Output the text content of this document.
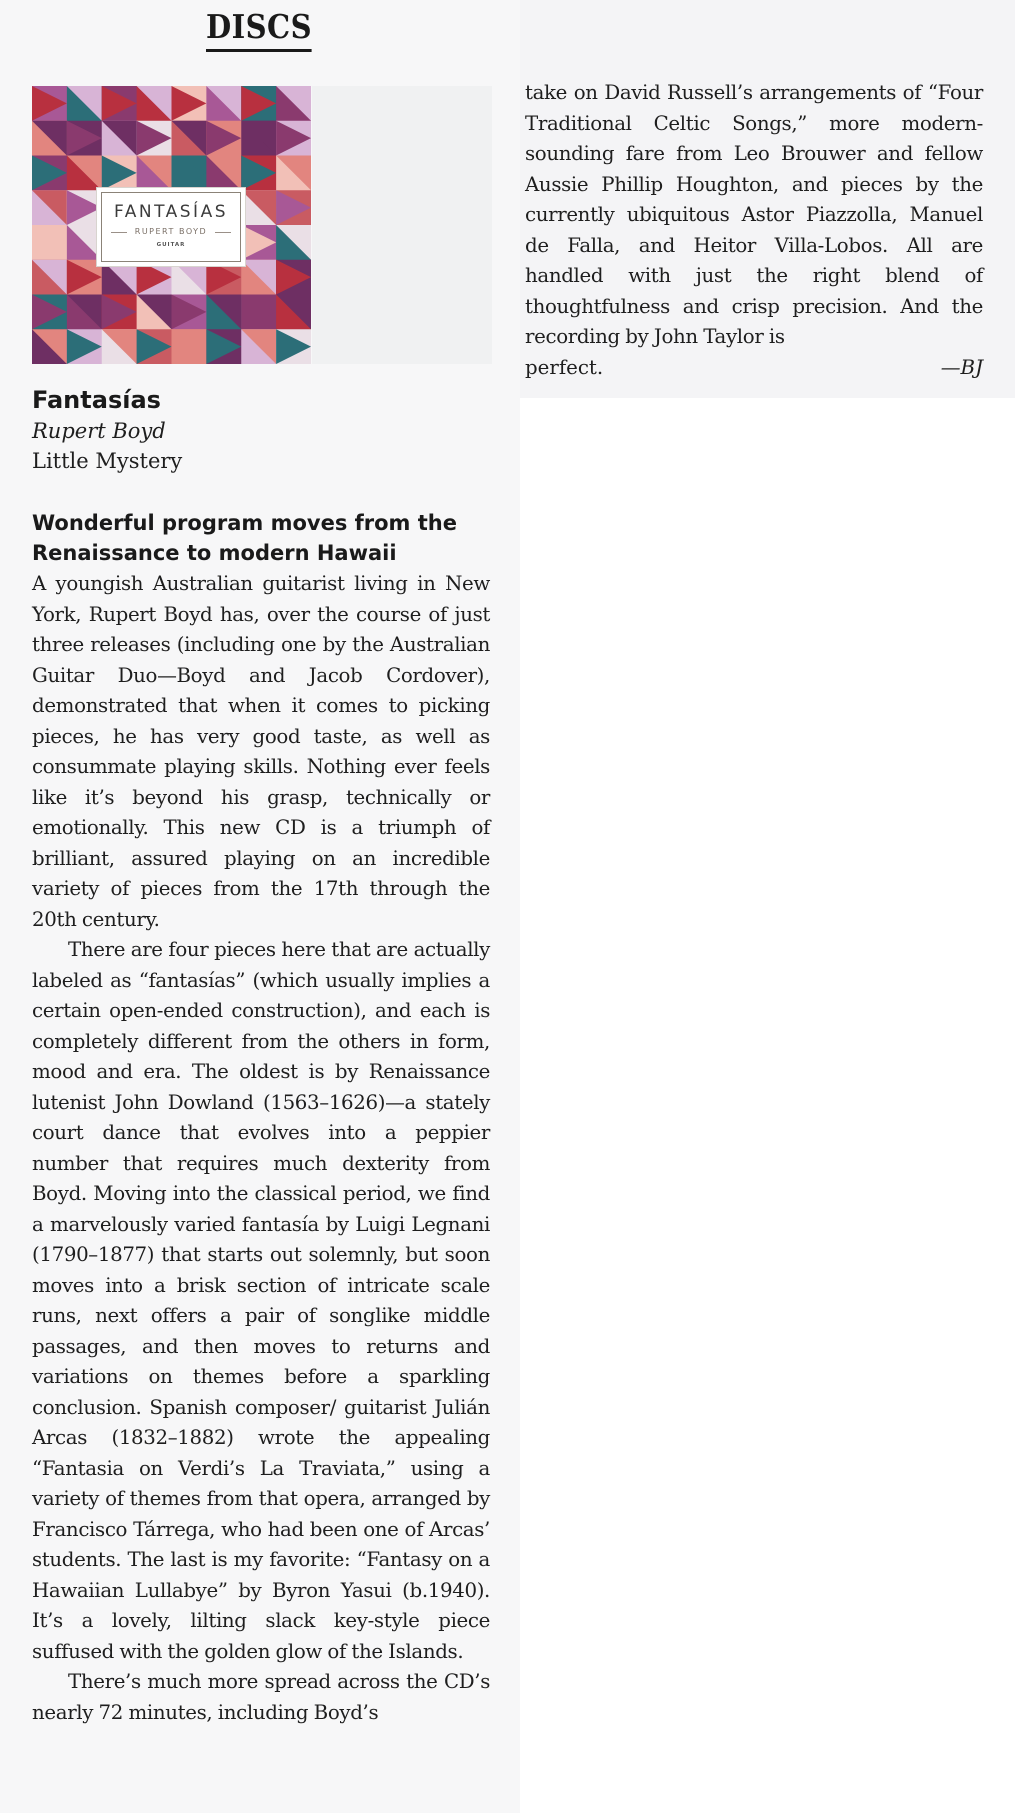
DISCS
FANTASÍAS
RUPERT BOYD
GUITAR

Fantasías

Rupert Boyd

Little Mystery

Wonderful program moves from the Renaissance to modern Hawaii

A youngish Australian guitarist living in New York, Rupert Boyd has, over the course of just three releases (including one by the Australian Guitar Duo—Boyd and Jacob Cordover), demonstrated that when it comes to picking pieces, he has very good taste, as well as consummate playing skills. Nothing ever feels like it’s beyond his grasp, technically or emotionally. This new CD is a triumph of brilliant, assured playing on an incredible variety of pieces from the 17th through the 20th century.

There are four pieces here that are actually labeled as “fantasías” (which usually implies a certain open-ended construction), and each is completely different from the others in form, mood and era. The oldest is by Renaissance lutenist John Dowland (1563–1626)—a stately court dance that evolves into a peppier number that requires much dexterity from Boyd. Moving into the classical period, we find a marvelously varied fantasía by Luigi Legnani (1790–1877) that starts out solemnly, but soon moves into a brisk section of intricate scale runs, next offers a pair of songlike middle passages, and then moves to returns and variations on themes before a sparkling conclusion. Spanish composer/ guitarist Julián Arcas (1832–1882) wrote the appealing “Fantasia on Verdi’s La Traviata,” using a variety of themes from that opera, arranged by Francisco Tárrega, who had been one of Arcas’ students. The last is my favorite: “Fantasy on a Hawaiian Lullabye” by Byron Yasui (b.1940). It’s a lovely, lilting slack key-style piece suffused with the golden glow of the Islands.

There’s much more spread across the CD’s nearly 72 minutes, including Boyd’s

take on David Russell’s arrangements of “Four Traditional Celtic Songs,” more modern-sounding fare from Leo Brouwer and fellow Aussie Phillip Houghton, and pieces by the currently ubiquitous Astor Piazzolla, Manuel de Falla, and Heitor Villa-Lobos. All are handled with just the right blend of thoughtfulness and crisp precision. And the recording by John Taylor is

perfect.	—BJ
